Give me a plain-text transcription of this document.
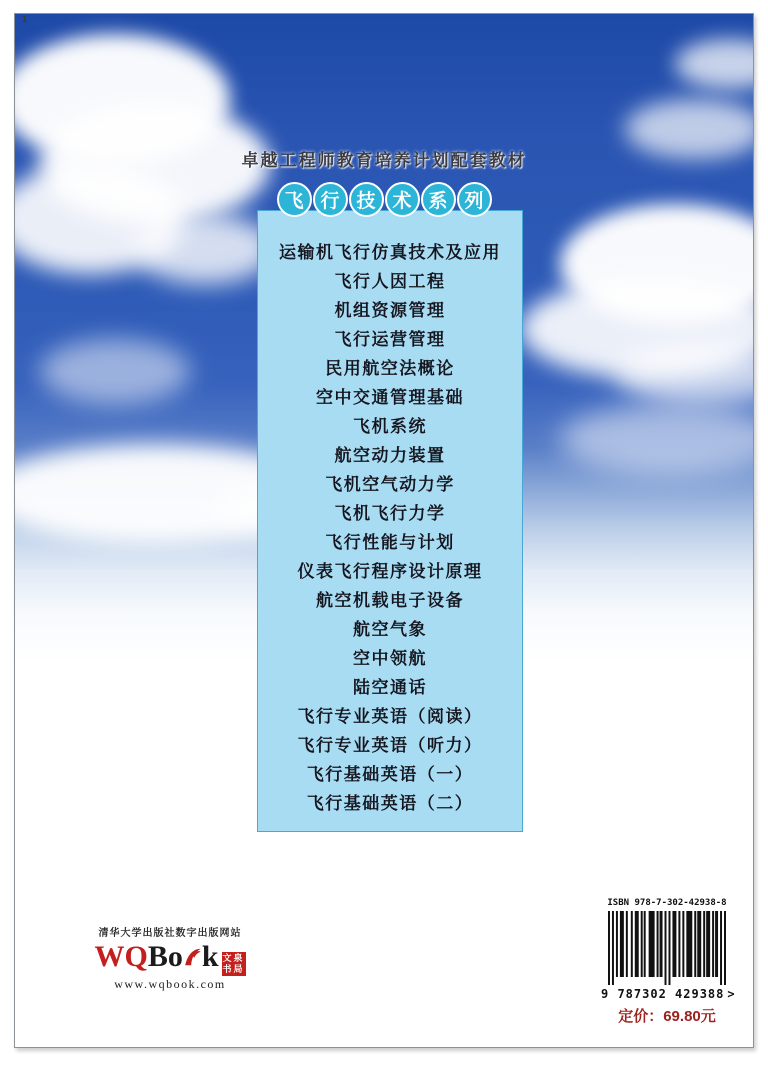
1
卓越工程师教育培养计划配套教材
飞 行 技 术 系 列
运输机飞行仿真技术及应用
飞行人因工程
机组资源管理
飞行运营管理
民用航空法概论
空中交通管理基础
飞机系统
航空动力装置
飞机空气动力学
飞机飞行力学
飞行性能与计划
仪表飞行程序设计原理
航空机载电子设备
航空气象
空中领航
陆空通话
飞行专业英语（阅读）
飞行专业英语（听力）
飞行基础英语（一）
飞行基础英语（二）
清华大学出版社数字出版网站
WQBo k 文 泉
书 局
www.wqbook.com
ISBN 978-7-302-42938-8
9 787302 429388 >
定价：69.80元
